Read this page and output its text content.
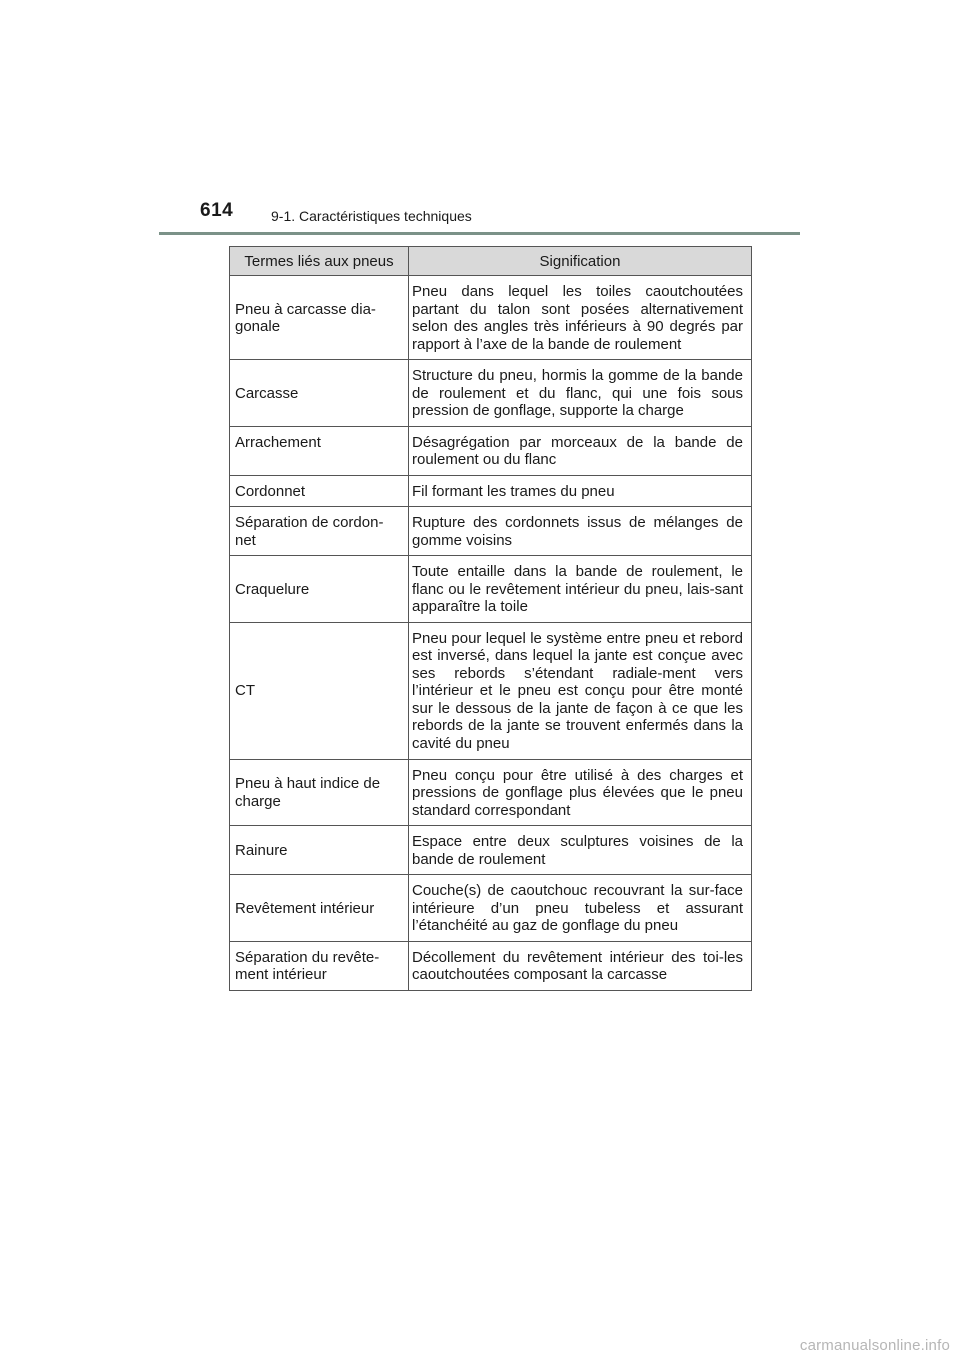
614	9-1. Caractéristiques techniques
Termes liés aux pneus	Signification
Pneu à carcasse dia-gonale	Pneu dans lequel les toiles caoutchoutées partant du talon sont posées alternativement selon des angles très inférieurs à 90 degrés par rapport à l’axe de la bande de roulement
Carcasse	Structure du pneu, hormis la gomme de la bande de roulement et du flanc, qui une fois sous pression de gonflage, supporte la charge
Arrachement	Désagrégation par morceaux de la bande de roulement ou du flanc
Cordonnet	Fil formant les trames du pneu
Séparation de cordon-net	Rupture des cordonnets issus de mélanges de gomme voisins
Craquelure	Toute entaille dans la bande de roulement, le flanc ou le revêtement intérieur du pneu, lais-sant apparaître la toile
CT	Pneu pour lequel le système entre pneu et rebord est inversé, dans lequel la jante est conçue avec ses rebords s’étendant radiale-ment vers l’intérieur et le pneu est conçu pour être monté sur le dessous de la jante de façon à ce que les rebords de la jante se trouvent enfermés dans la cavité du pneu
Pneu à haut indice de charge	Pneu conçu pour être utilisé à des charges et pressions de gonflage plus élevées que le pneu standard correspondant
Rainure	Espace entre deux sculptures voisines de la bande de roulement
Revêtement intérieur	Couche(s) de caoutchouc recouvrant la sur-face intérieure d’un pneu tubeless et assurant l’étanchéité au gaz de gonflage du pneu
Séparation du revête-ment intérieur	Décollement du revêtement intérieur des toi-les caoutchoutées composant la carcasse
carmanualsonline.info
